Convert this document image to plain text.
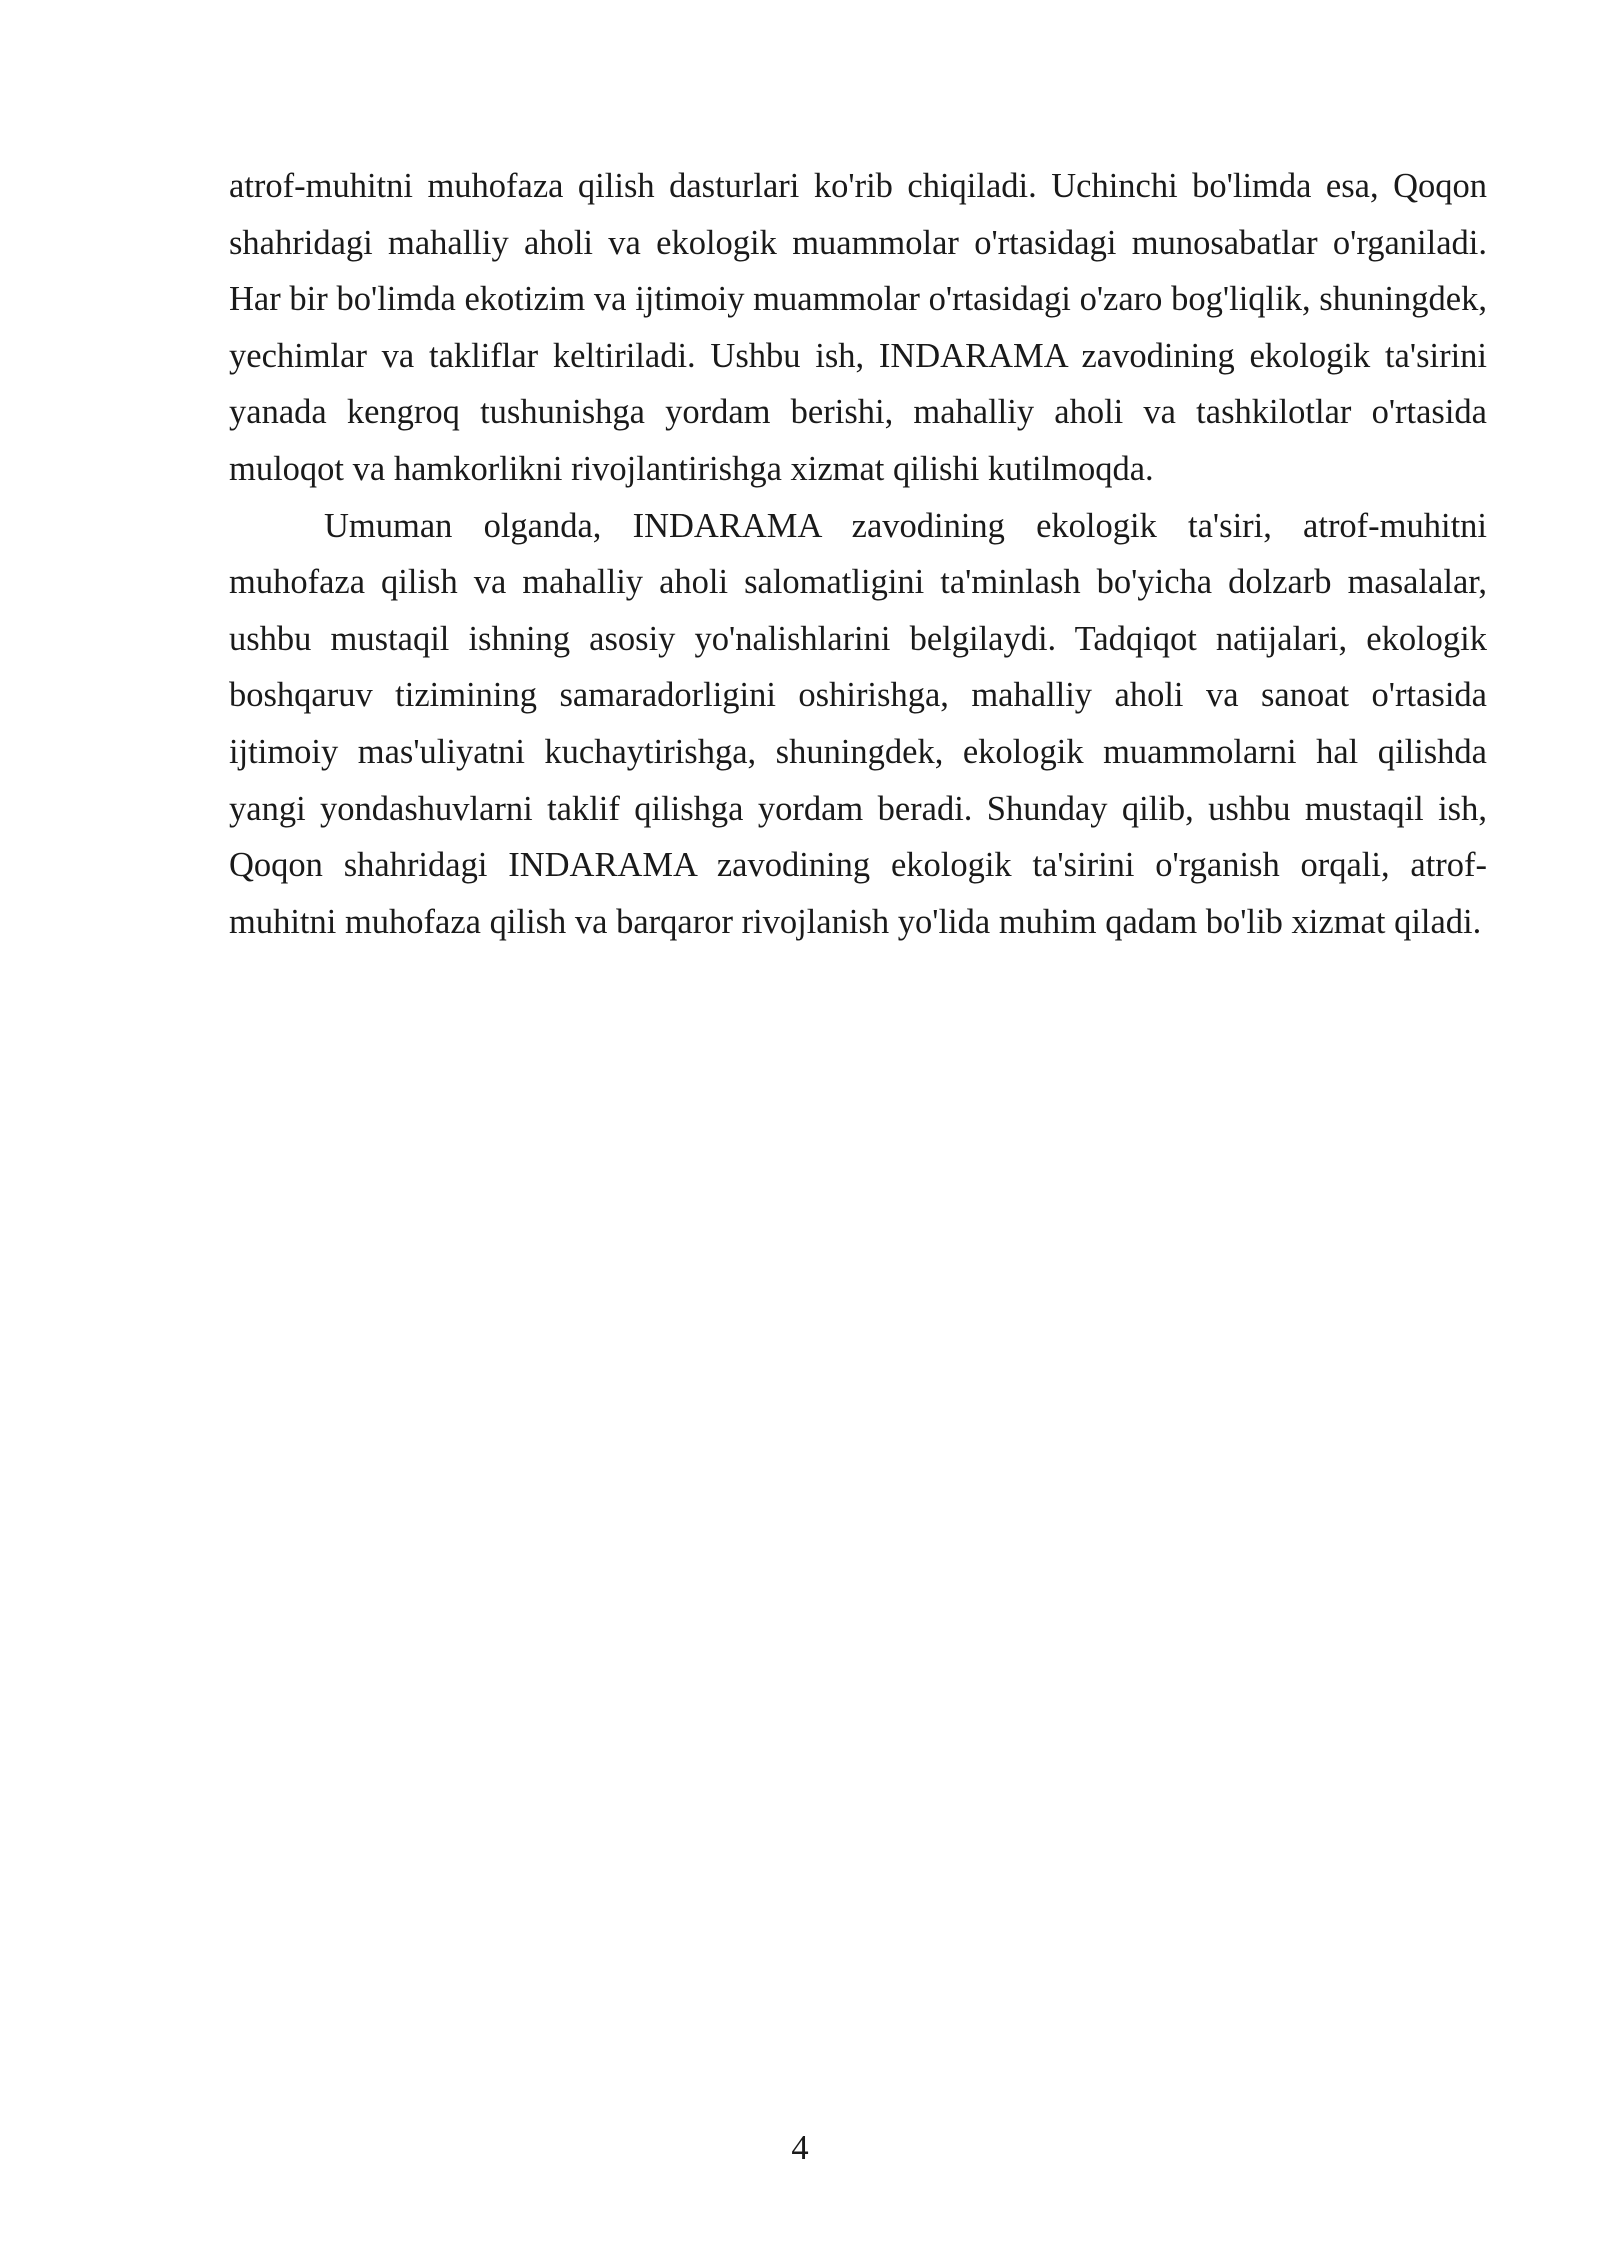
atrof-muhitni muhofaza qilish dasturlari ko'rib chiqiladi. Uchinchi bo'limda esa, Qoqon shahridagi mahalliy aholi va ekologik muammolar o'rtasidagi munosabatlar o'rganiladi. Har bir bo'limda ekotizim va ijtimoiy muammolar o'rtasidagi o'zaro bog'liqlik, shuningdek, yechimlar va takliflar keltiriladi. Ushbu ish, INDARAMA zavodining ekologik ta'sirini yanada kengroq tushunishga yordam berishi, mahalliy aholi va tashkilotlar o'rtasida muloqot va hamkorlikni rivojlantirishga xizmat qilishi kutilmoqda.

Umuman olganda, INDARAMA zavodining ekologik ta'siri, atrof-muhitni muhofaza qilish va mahalliy aholi salomatligini ta'minlash bo'yicha dolzarb masalalar, ushbu mustaqil ishning asosiy yo'nalishlarini belgilaydi. Tadqiqot natijalari, ekologik boshqaruv tizimining samaradorligini oshirishga, mahalliy aholi va sanoat o'rtasida ijtimoiy mas'uliyatni kuchaytirishga, shuningdek, ekologik muammolarni hal qilishda yangi yondashuvlarni taklif qilishga yordam beradi. Shunday qilib, ushbu mustaqil ish, Qoqon shahridagi INDARAMA zavodining ekologik ta'sirini o'rganish orqali, atrof-muhitni muhofaza qilish va barqaror rivojlanish yo'lida muhim qadam bo'lib xizmat qiladi.

4
